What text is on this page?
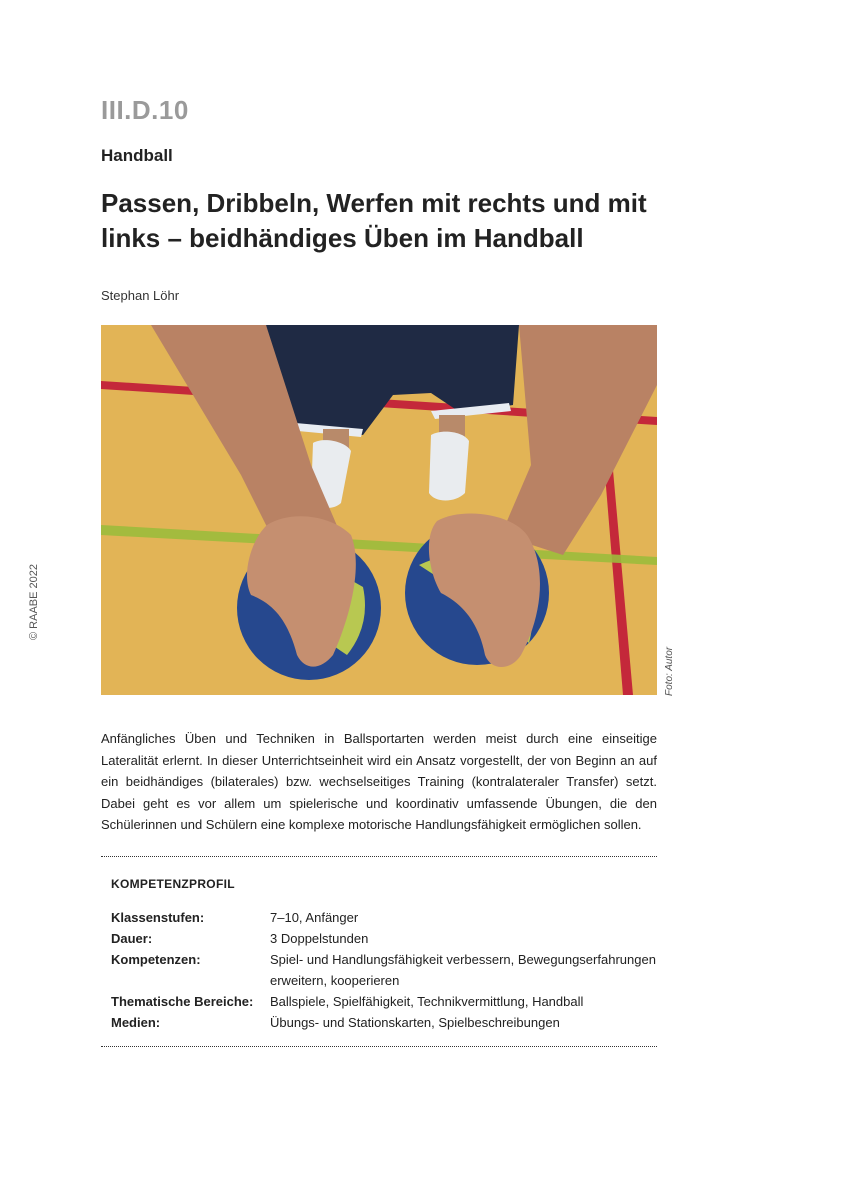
III.D.10
Handball
Passen, Dribbeln, Werfen mit rechts und mit links – beidhändiges Üben im Handball
Stephan Löhr
© RAABE 2022
Foto: Autor

Anfängliches Üben und Techniken in Ballsportarten werden meist durch eine einseitige Lateralität erlernt. In dieser Unterrichtseinheit wird ein Ansatz vorgestellt, der von Beginn an auf ein beidhändiges (bilaterales) bzw. wechselseitiges Training (kontralateraler Transfer) setzt. Dabei geht es vor allem um spielerische und koordinativ umfassende Übungen, die den Schülerinnen und Schülern eine komplexe motorische Handlungsfähigkeit ermöglichen sollen.

KOMPETENZPROFIL
Klassenstufen:	7–10, Anfänger
Dauer:	3 Doppelstunden
Kompetenzen:	Spiel- und Handlungsfähigkeit verbessern, Bewegungserfahrungen erweitern, kooperieren
Thematische Bereiche:	Ballspiele, Spielfähigkeit, Technikvermittlung, Handball
Medien:	Übungs- und Stationskarten, Spielbeschreibungen
